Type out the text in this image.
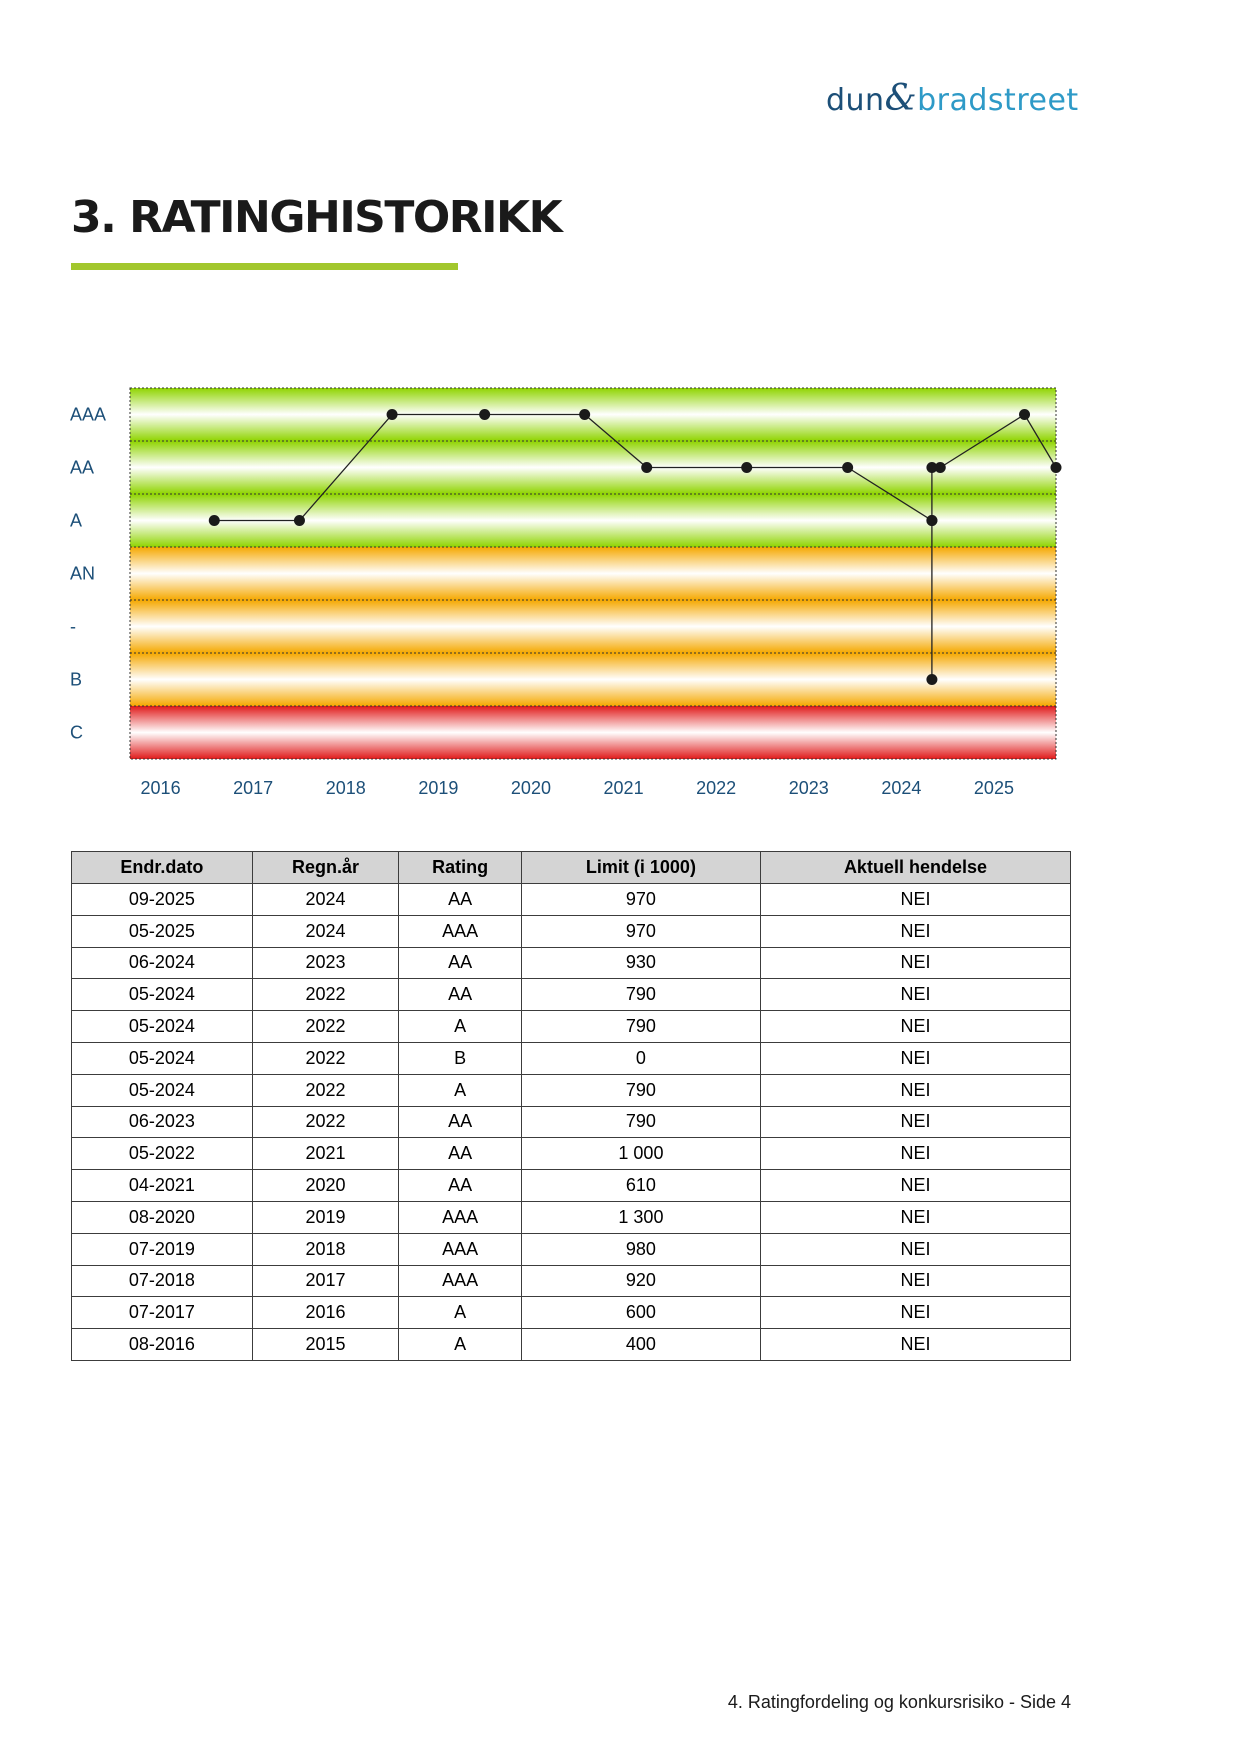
dun&bradstreet
3. RATINGHISTORIKK
AAA
AA
A
AN
-
B
C
2016	2017	2018	2019	2020	2021	2022	2023	2024	2025
Endr.dato	Regn.år	Rating	Limit (i 1000)	Aktuell hendelse
09-2025	2024	AA	970	NEI
05-2025	2024	AAA	970	NEI
06-2024	2023	AA	930	NEI
05-2024	2022	AA	790	NEI
05-2024	2022	A	790	NEI
05-2024	2022	B	0	NEI
05-2024	2022	A	790	NEI
06-2023	2022	AA	790	NEI
05-2022	2021	AA	1 000	NEI
04-2021	2020	AA	610	NEI
08-2020	2019	AAA	1 300	NEI
07-2019	2018	AAA	980	NEI
07-2018	2017	AAA	920	NEI
07-2017	2016	A	600	NEI
08-2016	2015	A	400	NEI
4. Ratingfordeling og konkursrisiko - Side 4
